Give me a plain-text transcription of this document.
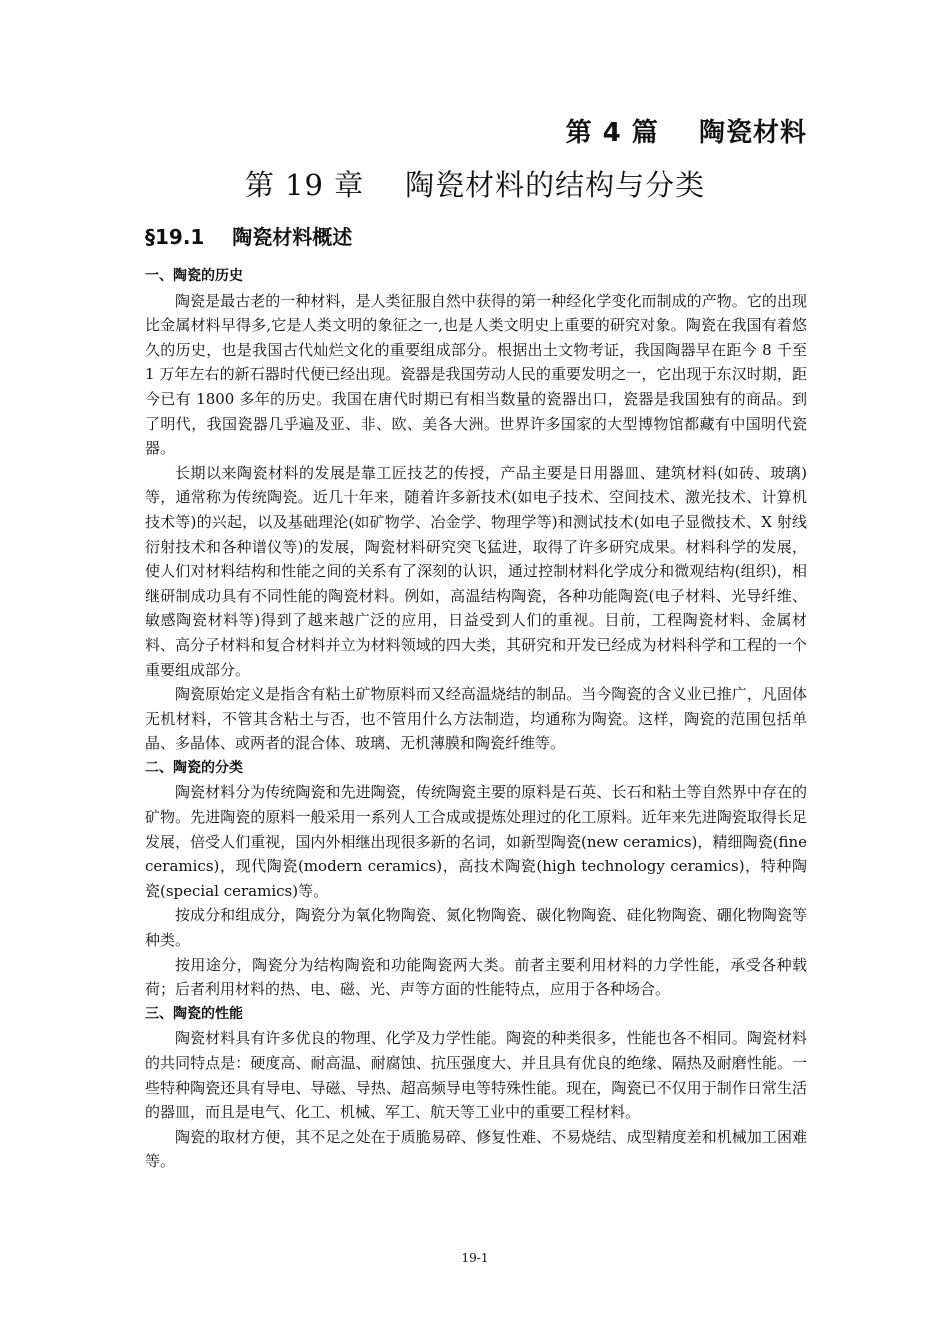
第 4 篇    陶瓷材料
第 19 章    陶瓷材料的结构与分类
§19.1    陶瓷材料概述

一、陶瓷的历史

陶瓷是最古老的一种材料，是人类征服自然中获得的第一种经化学变化而制成的产物。它的出现比金属材料早得多,它是人类文明的象征之一,也是人类文明史上重要的研究对象。陶瓷在我国有着悠久的历史，也是我国古代灿烂文化的重要组成部分。根据出土文物考证，我国陶器早在距今 8 千至 1 万年左右的新石器时代便已经出现。瓷器是我国劳动人民的重要发明之一，它出现于东汉时期，距今已有 1800 多年的历史。我国在唐代时期已有相当数量的瓷器出口，瓷器是我国独有的商品。到了明代，我国瓷器几乎遍及亚、非、欧、美各大洲。世界许多国家的大型博物馆都藏有中国明代瓷器。

长期以来陶瓷材料的发展是靠工匠技艺的传授，产品主要是日用器皿、建筑材料(如砖、玻璃)等，通常称为传统陶瓷。近几十年来，随着许多新技术(如电子技术、空间技术、激光技术、计算机技术等)的兴起，以及基础理沦(如矿物学、冶金学、物理学等)和测试技术(如电子显微技术、X 射线衍射技术和各种谱仪等)的发展，陶瓷材料研究突飞猛进，取得了许多研究成果。材料科学的发展，使人们对材料结构和性能之间的关系有了深刻的认识，通过控制材料化学成分和微观结构(组织)，相继研制成功具有不同性能的陶瓷材料。例如，高温结构陶瓷，各种功能陶瓷(电子材料、光导纤维、敏感陶瓷材料等)得到了越来越广泛的应用，日益受到人们的重视。目前，工程陶瓷材料、金属材料、高分子材料和复合材料并立为材料领域的四大类，其研究和开发已经成为材料科学和工程的一个重要组成部分。

陶瓷原始定义是指含有粘土矿物原料而又经高温烧结的制品。当今陶瓷的含义业已推广，凡固体无机材料，不管其含粘土与否，也不管用什么方法制造，均通称为陶瓷。这样，陶瓷的范围包括单晶、多晶体、或两者的混合体、玻璃、无机薄膜和陶瓷纤维等。

二、陶瓷的分类

陶瓷材料分为传统陶瓷和先进陶瓷，传统陶瓷主要的原料是石英、长石和粘土等自然界中存在的矿物。先进陶瓷的原料一般采用一系列人工合成或提炼处理过的化工原料。近年来先进陶瓷取得长足发展，倍受人们重视，国内外相继出现很多新的名词，如新型陶瓷(new ceramics)，精细陶瓷(fine ceramics)，现代陶瓷(modern ceramics)，高技术陶瓷(high technology ceramics)，特种陶瓷(special ceramics)等。

按成分和组成分，陶瓷分为氧化物陶瓷、氮化物陶瓷、碳化物陶瓷、硅化物陶瓷、硼化物陶瓷等种类。

按用途分，陶瓷分为结构陶瓷和功能陶瓷两大类。前者主要利用材料的力学性能，承受各种载荷；后者利用材料的热、电、磁、光、声等方面的性能特点，应用于各种场合。

三、陶瓷的性能

陶瓷材料具有许多优良的物理、化学及力学性能。陶瓷的种类很多，性能也各不相同。陶瓷材料的共同特点是：硬度高、耐高温、耐腐蚀、抗压强度大、并且具有优良的绝缘、隔热及耐磨性能。一些特种陶瓷还具有导电、导磁、导热、超高频导电等特殊性能。现在，陶瓷已不仅用于制作日常生活的器皿，而且是电气、化工、机械、军工、航天等工业中的重要工程材料。

陶瓷的取材方便，其不足之处在于质脆易碎、修复性难、不易烧结、成型精度差和机械加工困难等。

19-1
